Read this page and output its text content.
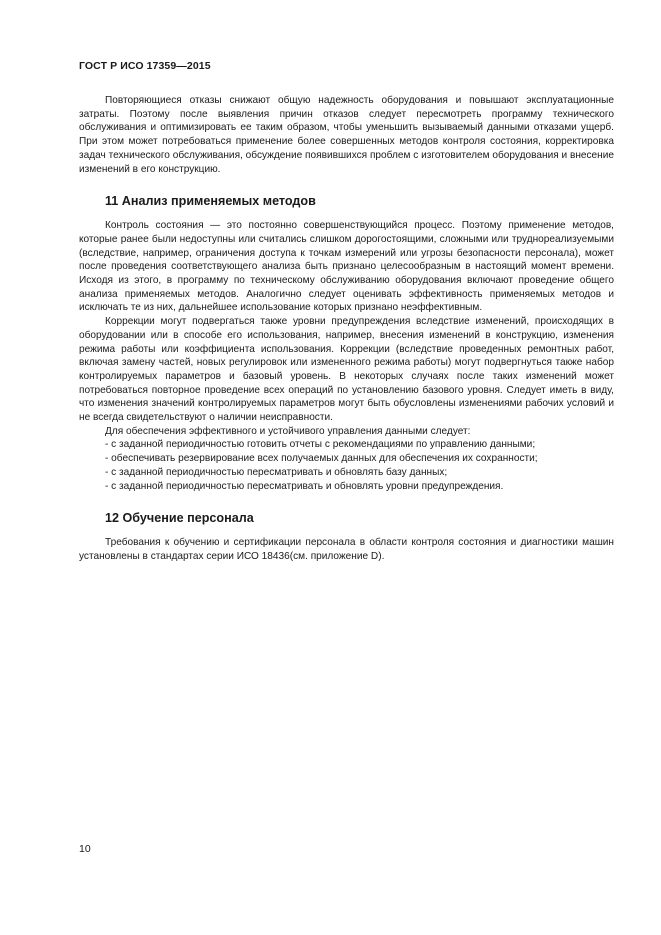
ГОСТ Р ИСО 17359—2015

Повторяющиеся отказы снижают общую надежность оборудования и повышают эксплуатационные затраты. Поэтому после выявления причин отказов следует пересмотреть программу технического обслуживания и оптимизировать ее таким образом, чтобы уменьшить вызываемый данными отказами ущерб. При этом может потребоваться применение более совершенных методов контроля состояния, корректировка задач технического обслуживания, обсуждение появившихся проблем с изготовителем оборудования и внесение изменений в его конструкцию.

11 Анализ применяемых методов

Контроль состояния — это постоянно совершенствующийся процесс. Поэтому применение методов, которые ранее были недоступны или считались слишком дорогостоящими, сложными или труднореализуемыми (вследствие, например, ограничения доступа к точкам измерений или угрозы безопасности персонала), может после проведения соответствующего анализа быть признано целесообразным в настоящий момент времени. Исходя из этого, в программу по техническому обслуживанию оборудования включают проведение общего анализа применяемых методов. Аналогично следует оценивать эффективность применяемых методов и исключать те из них, дальнейшее использование которых признано неэффективным.

Коррекции могут подвергаться также уровни предупреждения вследствие изменений, происходящих в оборудовании или в способе его использования, например, внесения изменений в конструкцию, изменения режима работы или коэффициента использования. Коррекции (вследствие проведенных ремонтных работ, включая замену частей, новых регулировок или измененного режима работы) могут подвергнуться также набор контролируемых параметров и базовый уровень. В некоторых случаях после таких изменений может потребоваться повторное проведение всех операций по установлению базового уровня. Следует иметь в виду, что изменения значений контролируемых параметров могут быть обусловлены изменениями рабочих условий и не всегда свидетельствуют о наличии неисправности.

Для обеспечения эффективного и устойчивого управления данными следует:

- с заданной периодичностью готовить отчеты с рекомендациями по управлению данными;
- обеспечивать резервирование всех получаемых данных для обеспечения их сохранности;
- с заданной периодичностью пересматривать и обновлять базу данных;
- с заданной периодичностью пересматривать и обновлять уровни предупреждения.
12 Обучение персонала

Требования к обучению и сертификации персонала в области контроля состояния и диагностики машин установлены в стандартах серии ИСО 18436(см. приложение D).

10
